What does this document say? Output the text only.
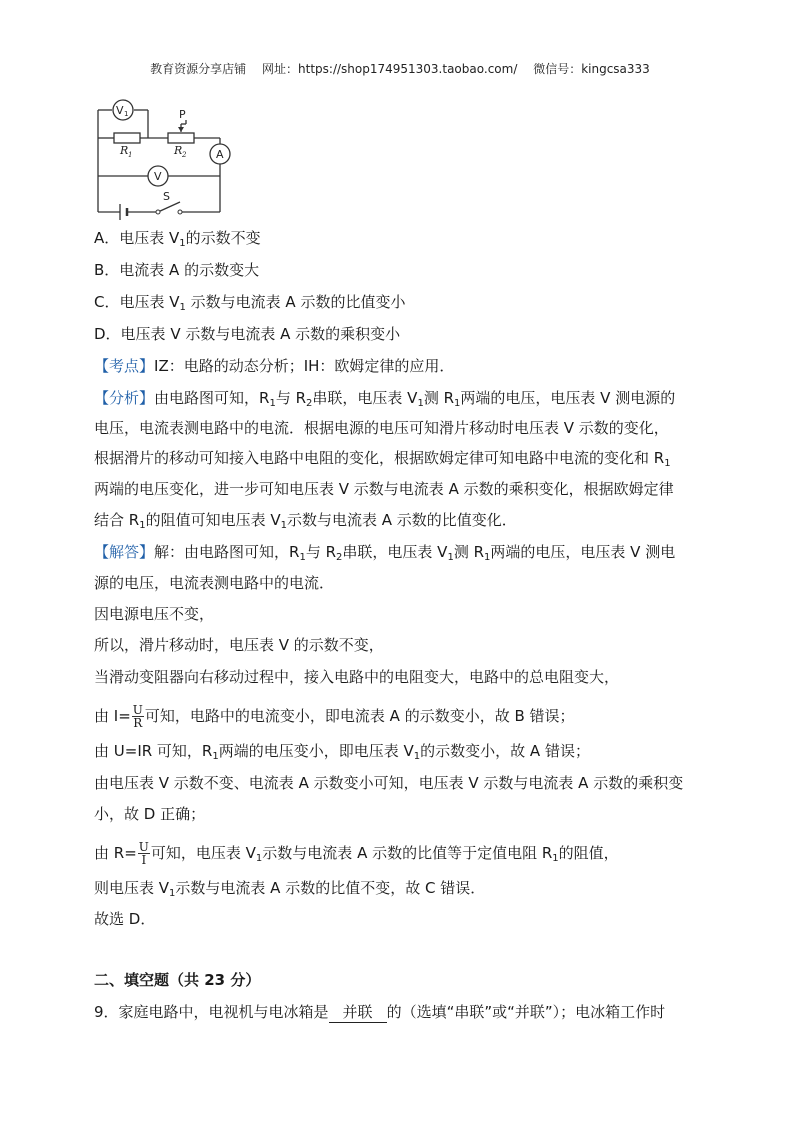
教育资源分享店铺 网址：https://shop174951303.taobao.com/ 微信号：kingcsa333
V 1
A
V
P
R 1	R 2
S
A．电压表 $V_1$的示数不变
B．电流表 A 的示数变大
C．电压表 $V_1$ 示数与电流表 A 示数的比值变小
D．电压表 V 示数与电流表 A 示数的乘积变小
【考点】IZ：电路的动态分析；IH：欧姆定律的应用．
【分析】由电路图可知，$R_1$与 $R_2$串联，电压表 $V_1$测 $R_1$两端的电压，电压表 V 测电源的
电压，电流表测电路中的电流．根据电源的电压可知滑片移动时电压表 V 示数的变化，
根据滑片的移动可知接入电路中电阻的变化，根据欧姆定律可知电路中电流的变化和 $R_1$
两端的电压变化，进一步可知电压表 V 示数与电流表 A 示数的乘积变化，根据欧姆定律
结合 $R_1$的阻值可知电压表 $V_1$示数与电流表 A 示数的比值变化．
【解答】解：由电路图可知，$R_1$与 $R_2$串联，电压表 $V_1$测 $R_1$两端的电压，电压表 V 测电
源的电压，电流表测电路中的电流．
因电源电压不变，
所以，滑片移动时，电压表 V 的示数不变，
当滑动变阻器向右移动过程中，接入电路中的电阻变大，电路中的总电阻变大，
由 $I= \frac{U}{R}$ 可知，电路中的电流变小，即电流表 A 的示数变小，故 B 错误；
由 U=IR 可知，$R_1$两端的电压变小，即电压表 $V_1$的示数变小，故 A 错误；
由电压表 V 示数不变、电流表 A 示数变小可知，电压表 V 示数与电流表 A 示数的乘积变
小，故 D 正确；
由 $R= \frac{U}{I}$ 可知，电压表 $V_1$示数与电流表 A 示数的比值等于定值电阻 $R_1$的阻值，
则电压表 $V_1$示数与电流表 A 示数的比值不变，故 C 错误．
故选 D．
二、填空题（共 23 分）
9．家庭电路中，电视机与电冰箱是 并联 的（选填“串联”或“并联”）；电冰箱工作时
